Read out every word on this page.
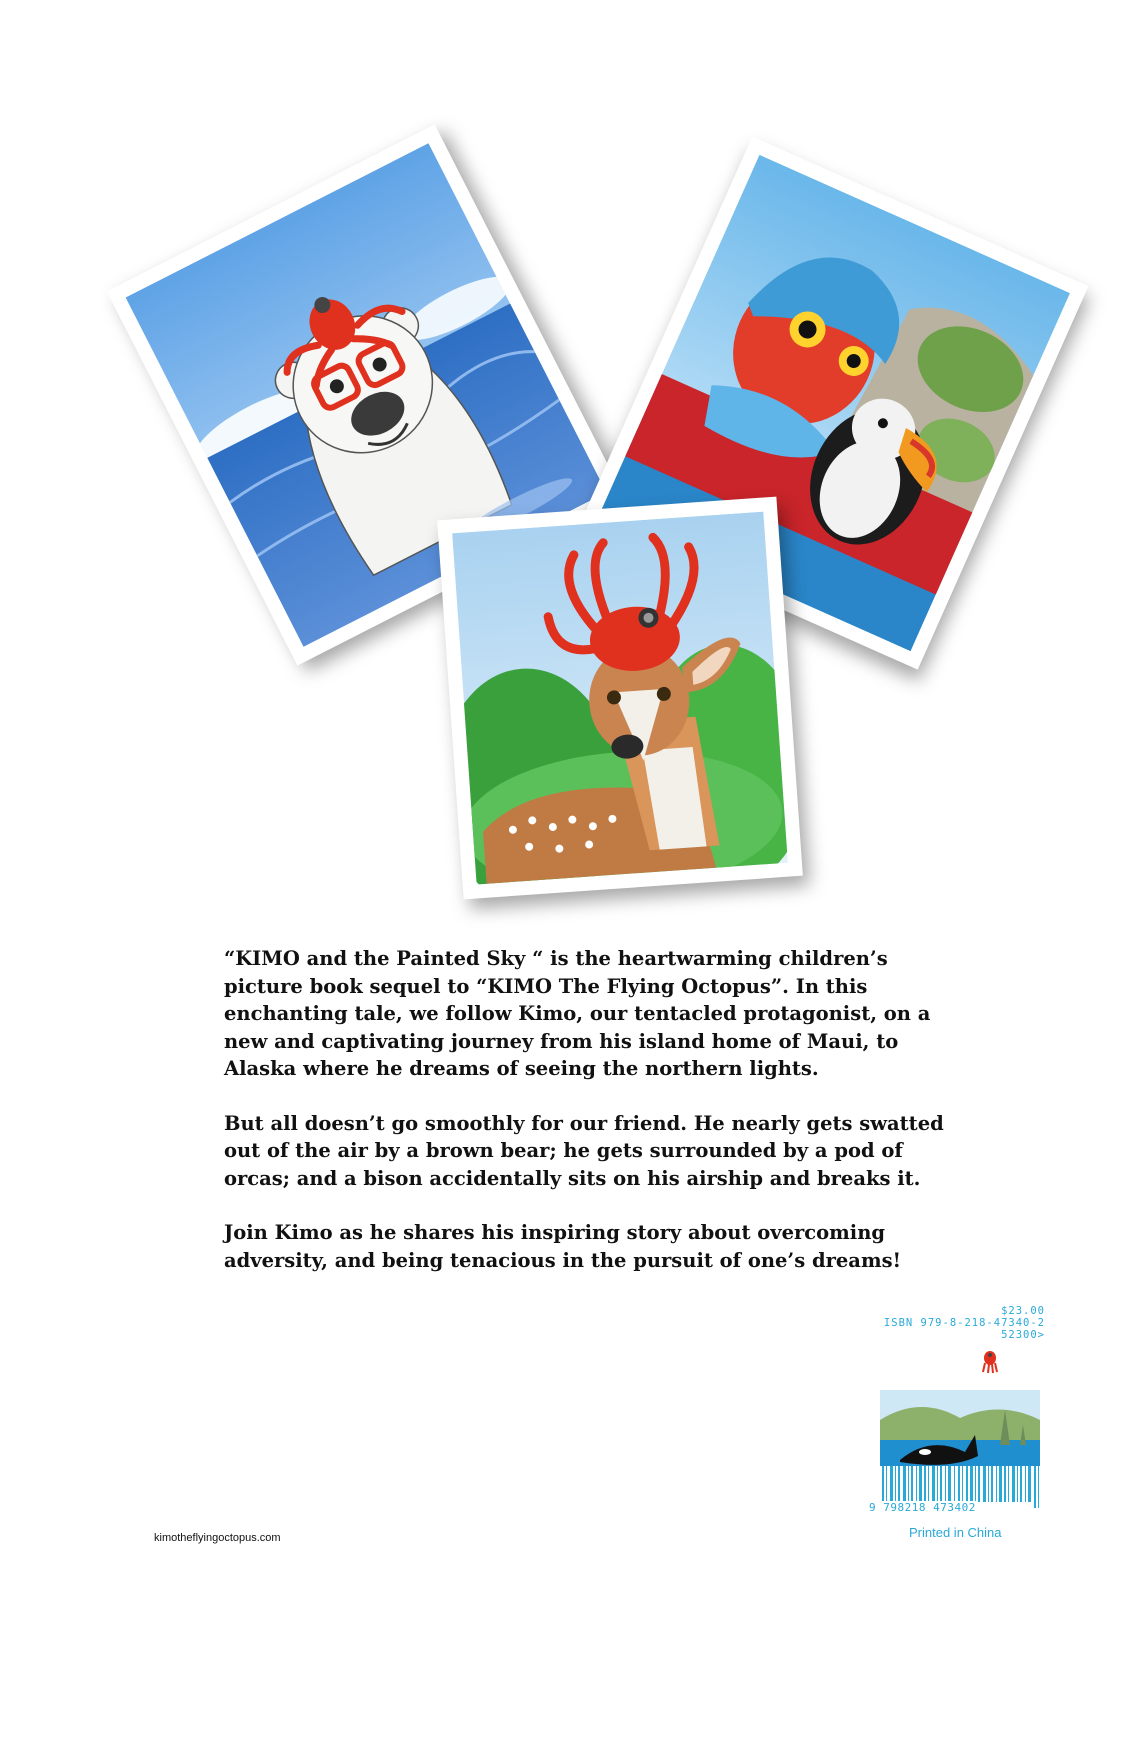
“KIMO and the Painted Sky “ is the heartwarming children’s picture book sequel to “KIMO The Flying Octopus”. In this enchanting tale, we follow Kimo, our tentacled protagonist, on a new and captivating journey from his island home of Maui, to Alaska where he dreams of seeing the northern lights.

But all doesn’t go smoothly for our friend. He nearly gets swatted out of the air by a brown bear; he gets surrounded by a pod of orcas; and a bison accidentally sits on his airship and breaks it.

Join Kimo as he shares his inspiring story about overcoming adversity, and being tenacious in the pursuit of one’s dreams!

$23.00
ISBN 979-8-218-47340-2
52300>
9 798218 473402
Printed in China
kimotheflyingoctopus.com
